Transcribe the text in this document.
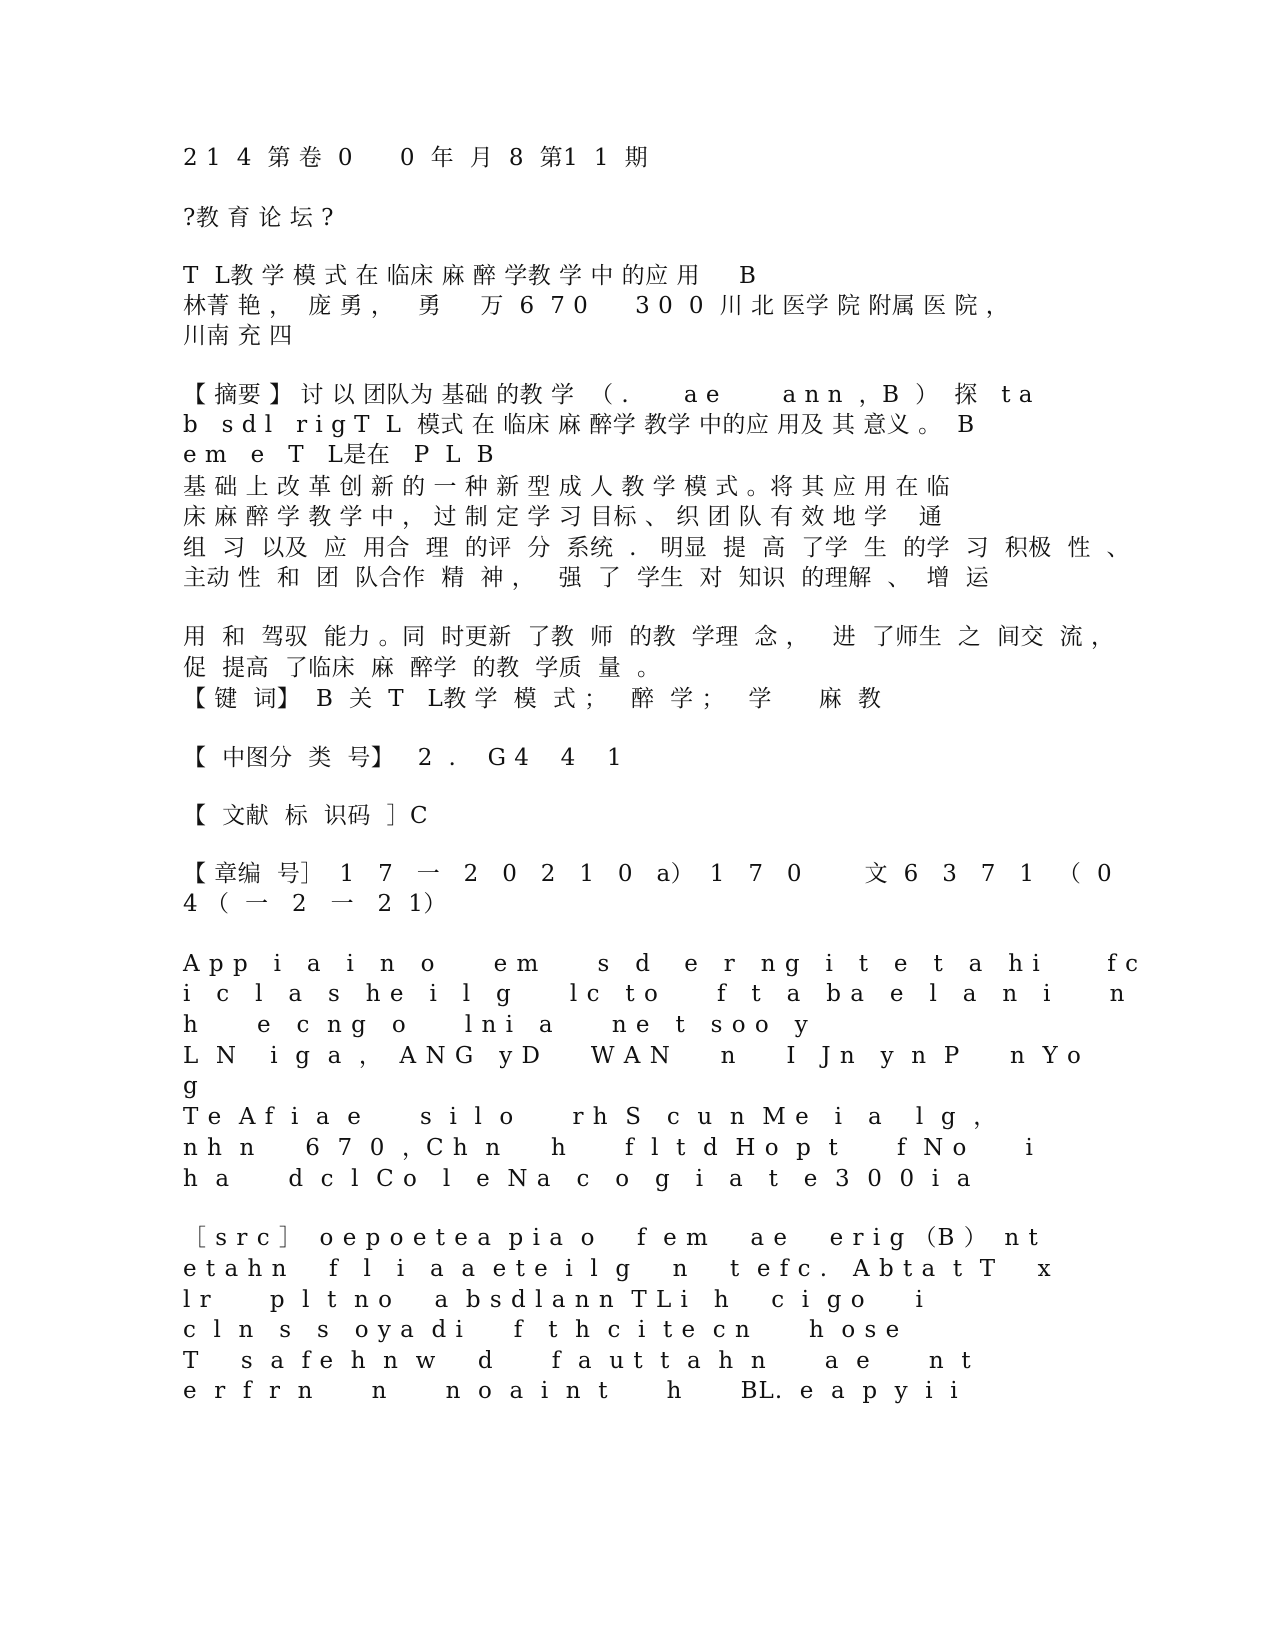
2 1  4  第 卷  0      0  年  月  8  第1  1  期
?教 育 论 坛 ?
T  L教 学 模 式 在 临床 麻 醉 学教 学 中 的应 用     B
林菁 艳 ，  庞 勇 ，   勇     万  6  7 0      3 0  0  川 北 医学 院 附属 医 院 ，
川南 充 四
【 摘要 】 讨 以 团队为 基础 的教 学  （ .       a e        a n n  ，B  ）  探   t a
b   s d l   r i g T  L  模式 在 临床 麻 醉学 教学 中的应 用及 其 意义 。  B
e m   e   T   L是在   P  L  B
基 础 上 改 革 创 新 的 一 种 新 型 成 人 教 学 模 式 。将 其 应 用 在 临
床 麻 醉 学 教 学 中 ， 过 制 定 学 习 目标 、 织 团 队 有 效 地 学    通
组  习  以及  应  用合  理  的评  分  系统  .   明显  提  高  了学  生  的学  习  积极  性  、
主动 性  和  团  队合作  精  神 ，   强  了  学生  对  知识  的理解  、  增  运
用  和  驾驭  能力 。同  时更新  了教  师  的教  学理  念 ，   进  了师生  之  间交  流 ，
促  提高  了临床  麻  醉学  的教  学质  量  。
【 键  词】  B  关  T   L教 学  模  式 ；   醉  学 ；   学      麻  教
【  中图分  类  号】   2  .    G 4    4    1
【  文献  标  识码  ］C
【 章编  号］  1   7   一   2   0   2   1   0   a）  1   7   0        文  6   3   7   1   （  0
4 （  一   2   一   2  1）
A p p   i   a   i   n   o       e m       s   d    e   r   n g   i   t   e   t   a   h i        f c
i   c   l   a   s   h e   i   l   g       l c   t o       f   t   a   b a   e   l   a   n   i       n
h       e   c  n g   o       l n i   a       n e   t   s o o   y
L  N    i  g  a  ，  A N G   y D      W A N      n      I   J n   y  n  P      n  Y o
g
T e  A f  i  a  e       s  i  l  o       r h  S   c  u  n  M e   i   a    l  g  ，
n h  n      6  7  0  ，C h  n      h       f  l  t  d  H o  p  t       f  N o       i
h  a       d  c  l  C o   l   e  N a   c   o   g   i   a   t   e  3  0  0  i  a
［ s r c ］  o e p o e t e a  p i a  o     f  e m     a e     e r i g （B ）  n t
e t a h n     f   l   i   a  a  e t e  i  l  g     n     t  e f c .   A b t a  t  T     x
l r       p  l  t  n o     a  b s d l a n n  T L i   h     c  i  g o      i
c  l  n   s   s   o y a  d i      f   t  h  c  i  t e  c n       h  o s e
T     s  a  f e  h  n  w     d       f  a  u t  t  a  h  n       a  e       n  t
e  r  f  r  n       n       n  o  a  i  n  t       h       BL.  e  a  p  y  i  i
